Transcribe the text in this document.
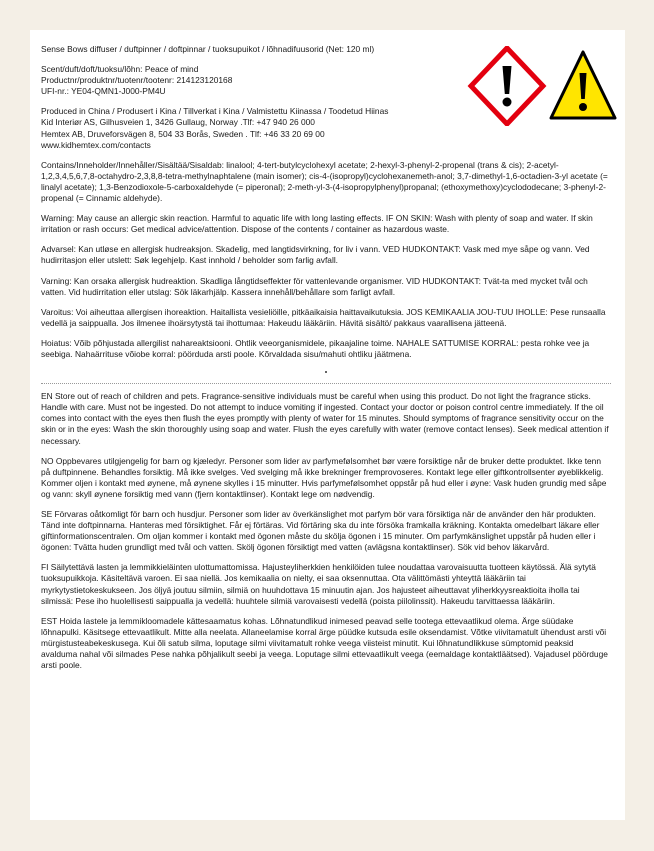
Sense Bows diffuser / duftpinner / doftpinnar / tuoksupuikot / lõhnadifuusorid (Net: 120 ml)

Scent/duft/doft/tuoksu/lõhn: Peace of mind
Productnr/produktnr/tuotenr/tootenr: 214123120168
UFI-nr.: YE04-QMN1-J000-PM4U

Produced in China / Produsert i Kina / Tillverkat i Kina / Valmistettu Kiinassa / Toodetud Hiinas
Kid Interiør AS, Gilhusveien 1, 3426 Gullaug, Norway .Tlf: +47 940 26 000
Hemtex AB, Druveforsvägen 8, 504 33 Borås, Sweden . Tlf: +46 33 20 69 00
www.kidhemtex.com/contacts

Contains/Inneholder/Innehåller/Sisältää/Sisaldab: linalool; 4-tert-butylcyclohexyl acetate; 2-hexyl-3-phenyl-2-propenal (trans & cis); 2-acetyl-1,2,3,4,5,6,7,8-octahydro-2,3,8,8-tetra-methylnaphtalene (main isomer); cis-4-(isopropyl)cyclohexanemeth-anol; 3,7-dimethyl-1,6-octadien-3-yl acetate (= linalyl acetate); 1,3-Benzodioxole-5-carboxaldehyde (= piperonal); 2-meth-yl-3-(4-isopropylphenyl)propanal; (ethoxymethoxy)cyclododecane; 3-phenyl-2-propenal (= Cinnamic aldehyde).

Warning: May cause an allergic skin reaction. Harmful to aquatic life with long lasting effects. IF ON SKIN: Wash with plenty of soap and water. If skin irritation or rash occurs: Get medical advice/attention. Dispose of the contents / container as hazardous waste.

Advarsel: Kan utløse en allergisk hudreaksjon. Skadelig, med langtidsvirkning, for liv i vann. VED HUDKONTAKT: Vask med mye såpe og vann. Ved hudirritasjon eller utslett: Søk legehjelp. Kast innhold / beholder som farlig avfall.

Varning: Kan orsaka allergisk hudreaktion. Skadliga långtidseffekter för vattenlevande organismer. VID HUDKONTAKT: Tvät-ta med mycket tvål och vatten. Vid hudirritation eller utslag: Sök läkarhjälp. Kassera innehåll/behållare som farligt avfall.

Varoitus: Voi aiheuttaa allergisen ihoreaktion. Haitallista vesieliöille, pitkäaikaisia haittavaikutuksia. JOS KEMIKAALIA JOU-TUU IHOLLE: Pese runsaalla vedellä ja saippualla. Jos ilmenee ihoärsytystä tai ihottumaa: Hakeudu lääkäriin. Hävitä sisältö/ pakkaus vaarallisena jätteenä.

Hoiatus: Võib põhjustada allergilist nahareaktsiooni. Ohtlik veeorganismidele, pikaajaline toime. NAHALE SATTUMISE KORRAL: pesta rohke vee ja seebiga. Nahaärrituse võiobe korral: pöörduda arsti poole. Kõrvaldada sisu/mahuti ohtliku jäätmena.

EN Store out of reach of children and pets. Fragrance-sensitive individuals must be careful when using this product. Do not light the fragrance sticks. Handle with care. Must not be ingested. Do not attempt to induce vomiting if ingested. Contact your doctor or poison control centre immediately. If the oil comes into contact with the eyes then flush the eyes promptly with plenty of water for 15 minutes. Should symptoms of fragrance sensitivity occur on the skin or in the eyes: Wash the skin thoroughly using soap and water. Flush the eyes carefully with water (remove contact lenses). Seek medical attention if necessary.

NO Oppbevares utilgjengelig for barn og kjæledyr. Personer som lider av parfymefølsomhet bør være forsiktige når de bruker dette produktet. Ikke tenn på duftpinnene. Behandles forsiktig. Må ikke svelges. Ved svelging må ikke brekninger fremprovoseres. Kontakt lege eller giftkontrollsenter øyeblikkelig. Kommer oljen i kontakt med øynene, må øynene skylles i 15 minutter. Hvis parfymefølsomhet oppstår på hud eller i øyne: Vask huden grundig med såpe og vann: skyll øynene forsiktig med vann (fjern kontaktlinser). Kontakt lege om nødvendig.

SE Förvaras oåtkomligt för barn och husdjur. Personer som lider av överkänslighet mot parfym bör vara försiktiga när de använder den här produkten. Tänd inte doftpinnarna. Hanteras med försiktighet. Får ej förtäras. Vid förtäring ska du inte försöka framkalla kräkning. Kontakta omedelbart läkare eller giftinformationscentralen. Om oljan kommer i kontakt med ögonen måste du skölja ögonen i 15 minuter. Om parfymkänslighet uppstår på huden eller i ögonen: Tvätta huden grundligt med tvål och vatten. Skölj ögonen försiktigt med vatten (avlägsna kontaktlinser). Sök vid behov läkarvård.

FI Säilytettävä lasten ja lemmikkieläinten ulottumattomissa. Hajusteyliherkkien henkilöiden tulee noudattaa varovaisuutta tuotteen käytössä. Älä sytytä tuoksupuikkoja. Käsiteltävä varoen. Ei saa niellä. Jos kemikaalia on nielty, ei saa oksennuttaa. Ota välittömästi yhteyttä lääkäriin tai myrkytystietokeskukseen. Jos öljyä joutuu silmiin, silmiä on huuhdottava 15 minuutin ajan. Jos hajusteet aiheuttavat yliherkkyysreaktioita iholla tai silmissä: Pese iho huolellisesti saippualla ja vedellä: huuhtele silmiä varovaisesti vedellä (poista piilolinssit). Hakeudu tarvittaessa lääkäriin.

EST Hoida lastele ja lemmikloomadele kättesaamatus kohas. Lõhnatundlikud inimesed peavad selle tootega ettevaatlikud olema. Ärge süüdake lõhnapulki. Käsitsege ettevaatlikult. Mitte alla neelata. Allaneelamise korral ärge püüdke kutsuda esile oksendamist. Võtke viivitamatult ühendust arsti või mürgistusteabekeskusega. Kui õli satub silma, loputage silmi viivitamatult rohke veega viisteist minutit. Kui lõhnatundlikkuse sümptomid peaksid avalduma nahal või silmades Pese nahka põhjalikult seebi ja veega. Loputage silmi ettevaatlikult veega (eemaldage kontaktläätsed). Vajadusel pöörduge arsti poole.
